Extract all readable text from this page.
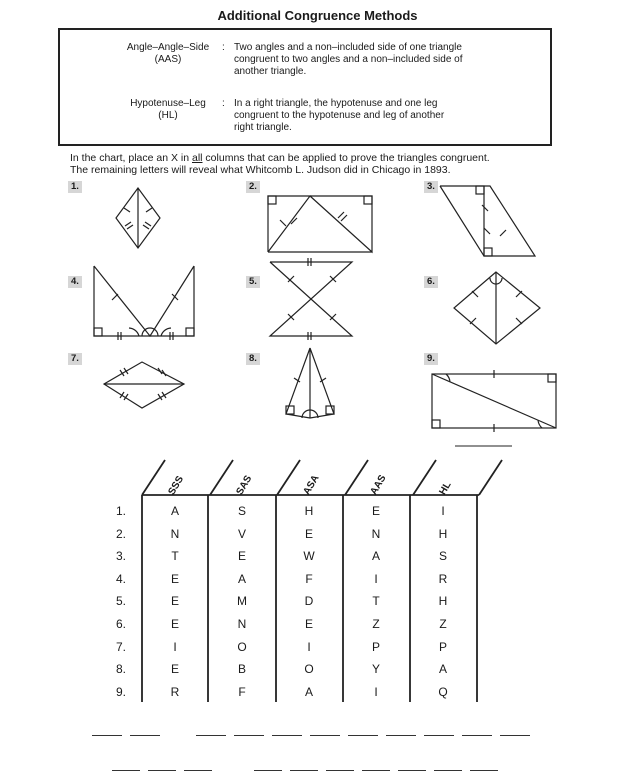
Additional Congruence Methods
Angle–Angle–Side
(AAS)
: Two angles and a non–included side of one triangle
congruent to two angles and a non–included side of
another triangle.
Hypotenuse–Leg
(HL)
: In a right triangle, the hypotenuse and one leg
congruent to the hypotenuse and leg of another
right triangle.
In the chart, place an X in all columns that can be applied to prove the triangles congruent.
The remaining letters will reveal what Whitcomb L. Judson did in Chicago in 1893.
1.	2.	3.
4.	5.	6.
7.	8.	9.
SSS	SAS	ASA	AAS	HL
1.	A	S	H	E	I
2.	N	V	E	N	H
3.	T	E	W	A	S
4.	E	A	F	I	R
5.	E	M	D	T	H
6.	E	N	E	Z	Z
7.	I	O	I	P	P
8.	E	B	O	Y	A
9.	R	F	A	I	Q
